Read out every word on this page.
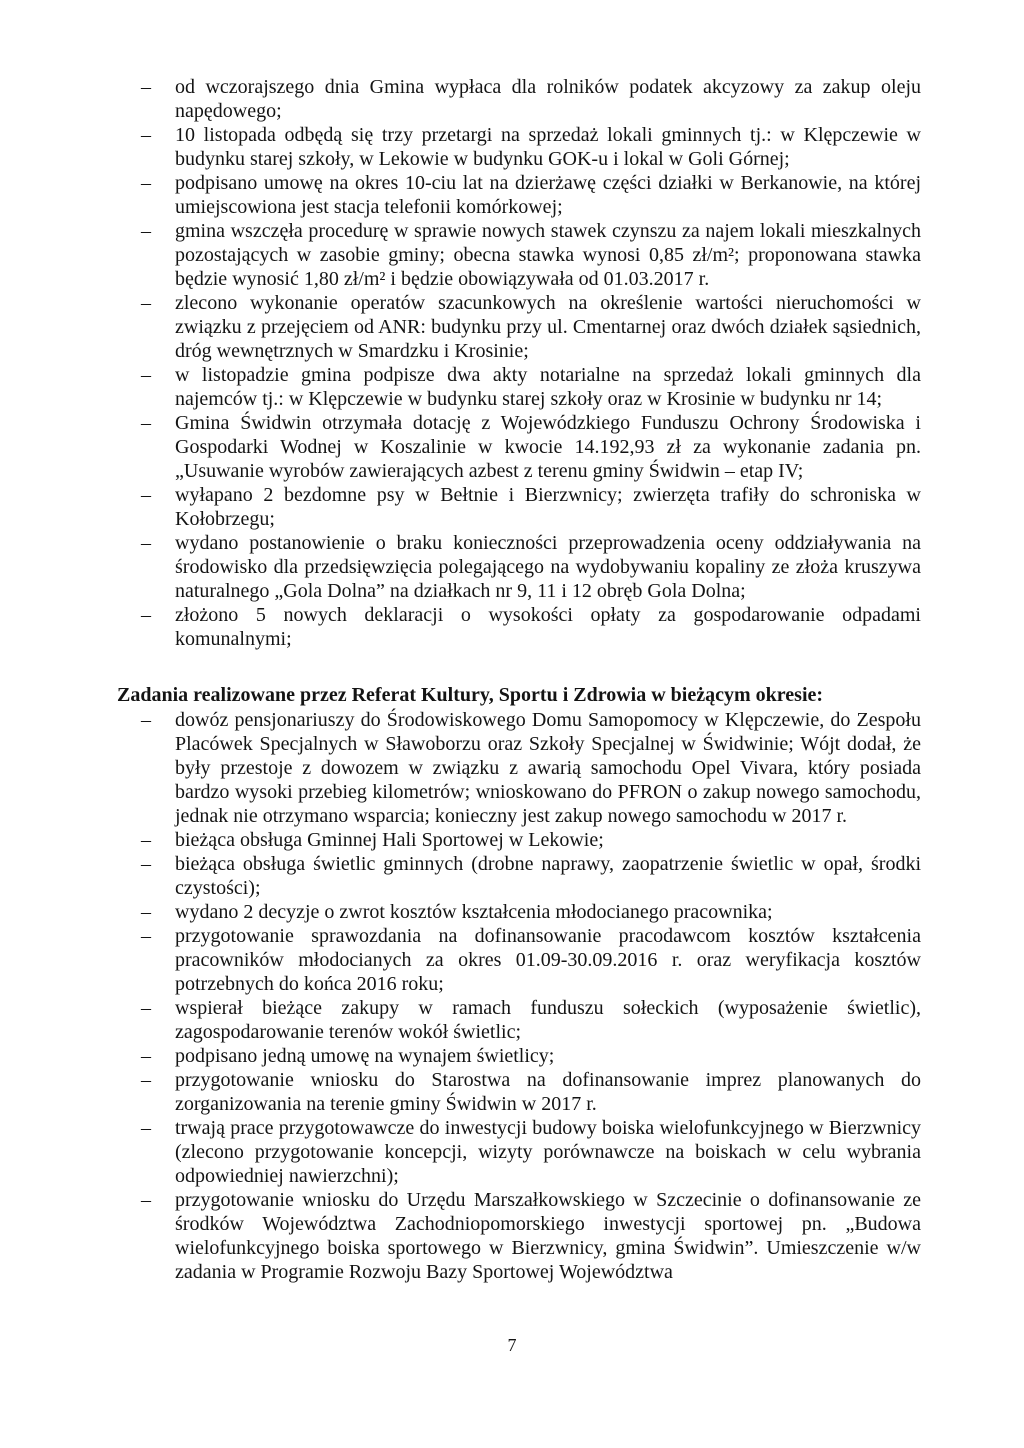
–	od wczorajszego dnia Gmina wypłaca dla rolników podatek akcyzowy za zakup oleju napędowego;
–	10 listopada odbędą się trzy przetargi na sprzedaż lokali gminnych tj.: w Klępczewie w budynku starej szkoły, w Lekowie w budynku GOK-u i lokal w Goli Górnej;
–	podpisano umowę na okres 10-ciu lat na dzierżawę części działki w Berkanowie, na której umiejscowiona jest stacja telefonii komórkowej;
–	gmina wszczęła procedurę w sprawie nowych stawek czynszu za najem lokali mieszkalnych pozostających w zasobie gminy; obecna stawka wynosi 0,85 zł/m²; proponowana stawka będzie wynosić 1,80 zł/m² i będzie obowiązywała od 01.03.2017 r.
–	zlecono wykonanie operatów szacunkowych na określenie wartości nieruchomości w związku z przejęciem od ANR: budynku przy ul. Cmentarnej oraz dwóch działek sąsiednich, dróg wewnętrznych w Smardzku i Krosinie;
–	w listopadzie gmina podpisze dwa akty notarialne na sprzedaż lokali gminnych dla najemców tj.: w Klępczewie w budynku starej szkoły oraz w Krosinie w budynku nr 14;
–	Gmina Świdwin otrzymała dotację z Wojewódzkiego Funduszu Ochrony Środowiska i Gospodarki Wodnej w Koszalinie w kwocie 14.192,93 zł za wykonanie zadania pn. „Usuwanie wyrobów zawierających azbest z terenu gminy Świdwin – etap IV;
–	wyłapano 2 bezdomne psy w Bełtnie i Bierzwnicy; zwierzęta trafiły do schroniska w Kołobrzegu;
–	wydano postanowienie o braku konieczności przeprowadzenia oceny oddziaływania na środowisko dla przedsięwzięcia polegającego na wydobywaniu kopaliny ze złoża kruszywa naturalnego „Gola Dolna” na działkach nr 9, 11 i 12 obręb Gola Dolna;
–	złożono 5 nowych deklaracji o wysokości opłaty za gospodarowanie odpadami komunalnymi;
Zadania realizowane przez Referat Kultury, Sportu i Zdrowia w bieżącym okresie:
–	dowóz pensjonariuszy do Środowiskowego Domu Samopomocy w Klępczewie, do Zespołu Placówek Specjalnych w Sławoborzu oraz Szkoły Specjalnej w Świdwinie; Wójt dodał, że były przestoje z dowozem w związku z awarią samochodu Opel Vivara, który posiada bardzo wysoki przebieg kilometrów; wnioskowano do PFRON o zakup nowego samochodu, jednak nie otrzymano wsparcia; konieczny jest zakup nowego samochodu w 2017 r.
–	bieżąca obsługa Gminnej Hali Sportowej w Lekowie;
–	bieżąca obsługa świetlic gminnych (drobne naprawy, zaopatrzenie świetlic w opał, środki czystości);
–	wydano 2 decyzje o zwrot kosztów kształcenia młodocianego pracownika;
–	przygotowanie sprawozdania na dofinansowanie pracodawcom kosztów kształcenia pracowników młodocianych za okres 01.09-30.09.2016 r. oraz weryfikacja kosztów potrzebnych do końca 2016 roku;
–	wspierał bieżące zakupy w ramach funduszu sołeckich (wyposażenie świetlic), zagospodarowanie terenów wokół świetlic;
–	podpisano jedną umowę na wynajem świetlicy;
–	przygotowanie wniosku do Starostwa na dofinansowanie imprez planowanych do zorganizowania na terenie gminy Świdwin w 2017 r.
–	trwają prace przygotowawcze do inwestycji budowy boiska wielofunkcyjnego w Bierzwnicy (zlecono przygotowanie koncepcji, wizyty porównawcze na boiskach w celu wybrania odpowiedniej nawierzchni);
–	przygotowanie wniosku do Urzędu Marszałkowskiego w Szczecinie o dofinansowanie ze środków Województwa Zachodniopomorskiego inwestycji sportowej pn. „Budowa wielofunkcyjnego boiska sportowego w Bierzwnicy, gmina Świdwin”. Umieszczenie w/w zadania w Programie Rozwoju Bazy Sportowej Województwa
7
